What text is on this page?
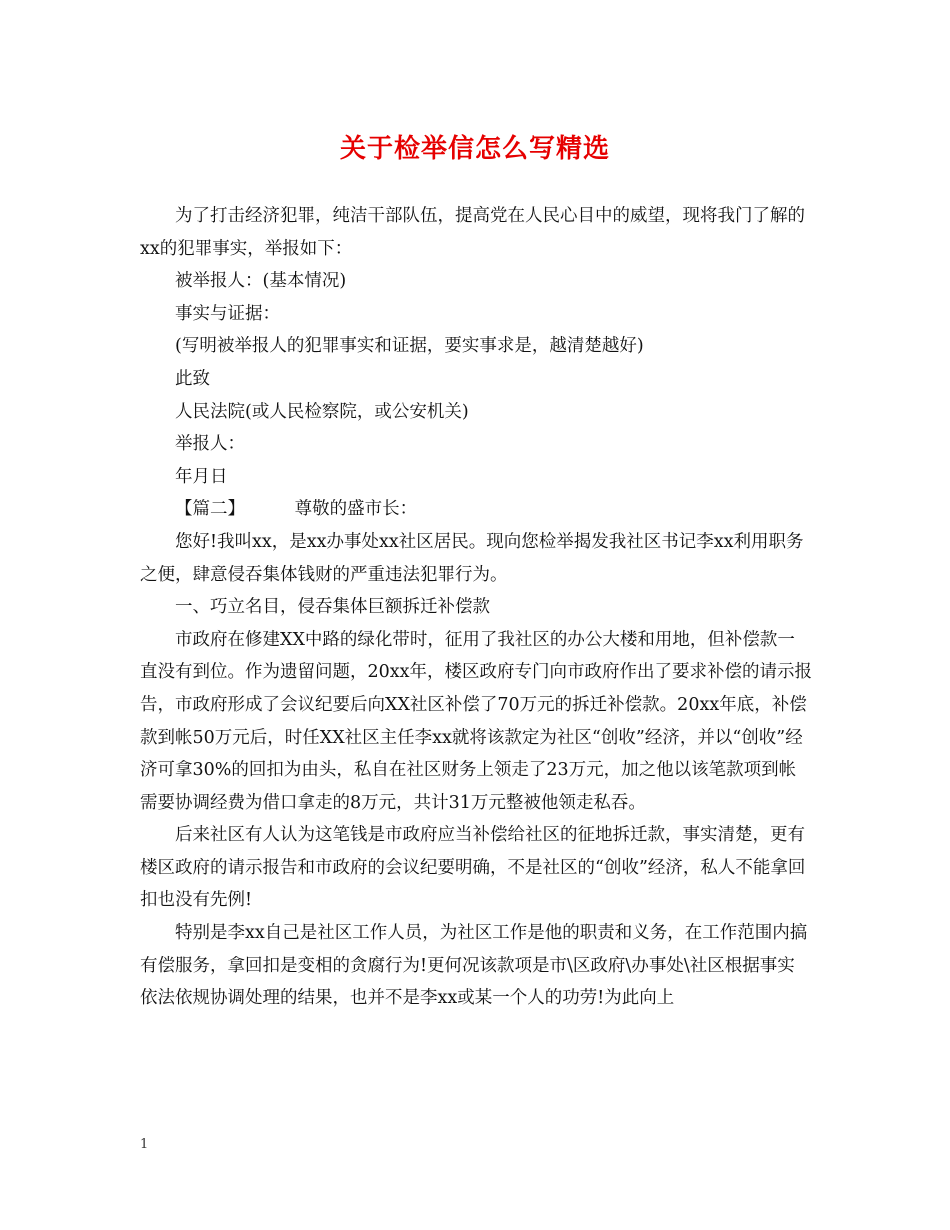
关于检举信怎么写精选

为了打击经济犯罪，纯洁干部队伍，提高党在人民心目中的威望，现将我门了解的xx的犯罪事实，举报如下：

被举报人：(基本情况)

事实与证据：

(写明被举报人的犯罪事实和证据，要实事求是，越清楚越好)

此致

人民法院(或人民检察院，或公安机关)

举报人：

年月日

【篇二】	尊敬的盛市长：

您好!我叫xx，是xx办事处xx社区居民。现向您检举揭发我社区书记李xx利用职务之便，肆意侵吞集体钱财的严重违法犯罪行为。

一、巧立名目，侵吞集体巨额拆迁补偿款

市政府在修建XX中路的绿化带时，征用了我社区的办公大楼和用地，但补偿款一直没有到位。作为遗留问题，20xx年，楼区政府专门向市政府作出了要求补偿的请示报告，市政府形成了会议纪要后向XX社区补偿了70万元的拆迁补偿款。20xx年底，补偿款到帐50万元后，时任XX社区主任李xx就将该款定为社区“创收”经济，并以“创收”经济可拿30%的回扣为由头，私自在社区财务上领走了23万元，加之他以该笔款项到帐需要协调经费为借口拿走的8万元，共计31万元整被他领走私吞。

后来社区有人认为这笔钱是市政府应当补偿给社区的征地拆迁款，事实清楚，更有楼区政府的请示报告和市政府的会议纪要明确，不是社区的“创收”经济，私人不能拿回扣也没有先例!

特别是李xx自己是社区工作人员，为社区工作是他的职责和义务，在工作范围内搞有偿服务，拿回扣是变相的贪腐行为!更何况该款项是市\区政府\办事处\社区根据事实依法依规协调处理的结果，也并不是李xx或某一个人的功劳!为此向上

1
